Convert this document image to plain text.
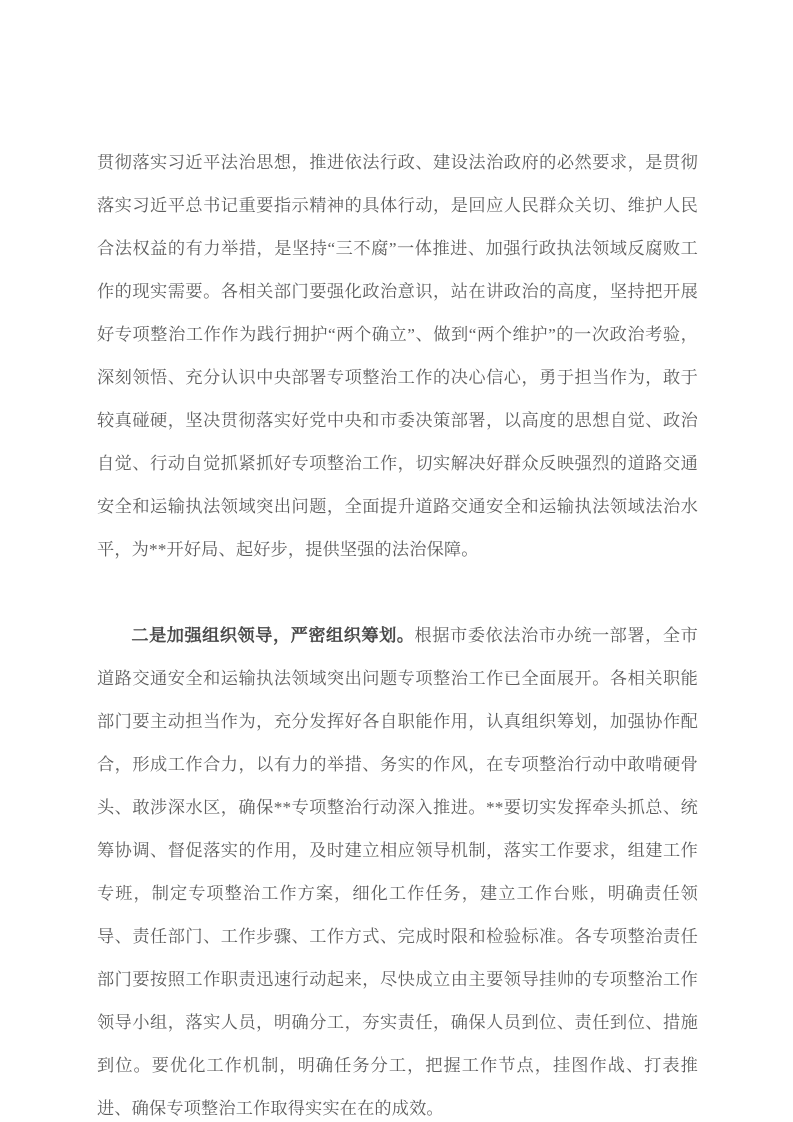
贯彻落实习近平法治思想，推进依法行政、建设法治政府的必然要求，是贯彻落实习近平总书记重要指示精神的具体行动，是回应人民群众关切、维护人民合法权益的有力举措，是坚持“三不腐”一体推进、加强行政执法领域反腐败工作的现实需要。各相关部门要强化政治意识，站在讲政治的高度，坚持把开展好专项整治工作作为践行拥护“两个确立”、做到“两个维护”的一次政治考验，深刻领悟、充分认识中央部署专项整治工作的决心信心，勇于担当作为，敢于较真碰硬，坚决贯彻落实好党中央和市委决策部署，以高度的思想自觉、政治自觉、行动自觉抓紧抓好专项整治工作，切实解决好群众反映强烈的道路交通安全和运输执法领域突出问题，全面提升道路交通安全和运输执法领域法治水平，为**开好局、起好步，提供坚强的法治保障。

二是加强组织领导，严密组织筹划。根据市委依法治市办统一部署，全市道路交通安全和运输执法领域突出问题专项整治工作已全面展开。各相关职能部门要主动担当作为，充分发挥好各自职能作用，认真组织筹划，加强协作配合，形成工作合力，以有力的举措、务实的作风，在专项整治行动中敢啃硬骨头、敢涉深水区，确保**专项整治行动深入推进。**要切实发挥牵头抓总、统筹协调、督促落实的作用，及时建立相应领导机制，落实工作要求，组建工作专班，制定专项整治工作方案，细化工作任务，建立工作台账，明确责任领导、责任部门、工作步骤、工作方式、完成时限和检验标准。各专项整治责任部门要按照工作职责迅速行动起来，尽快成立由主要领导挂帅的专项整治工作领导小组，落实人员，明确分工，夯实责任，确保人员到位、责任到位、措施到位。要优化工作机制，明确任务分工，把握工作节点，挂图作战、打表推进、确保专项整治工作取得实实在在的成效。
